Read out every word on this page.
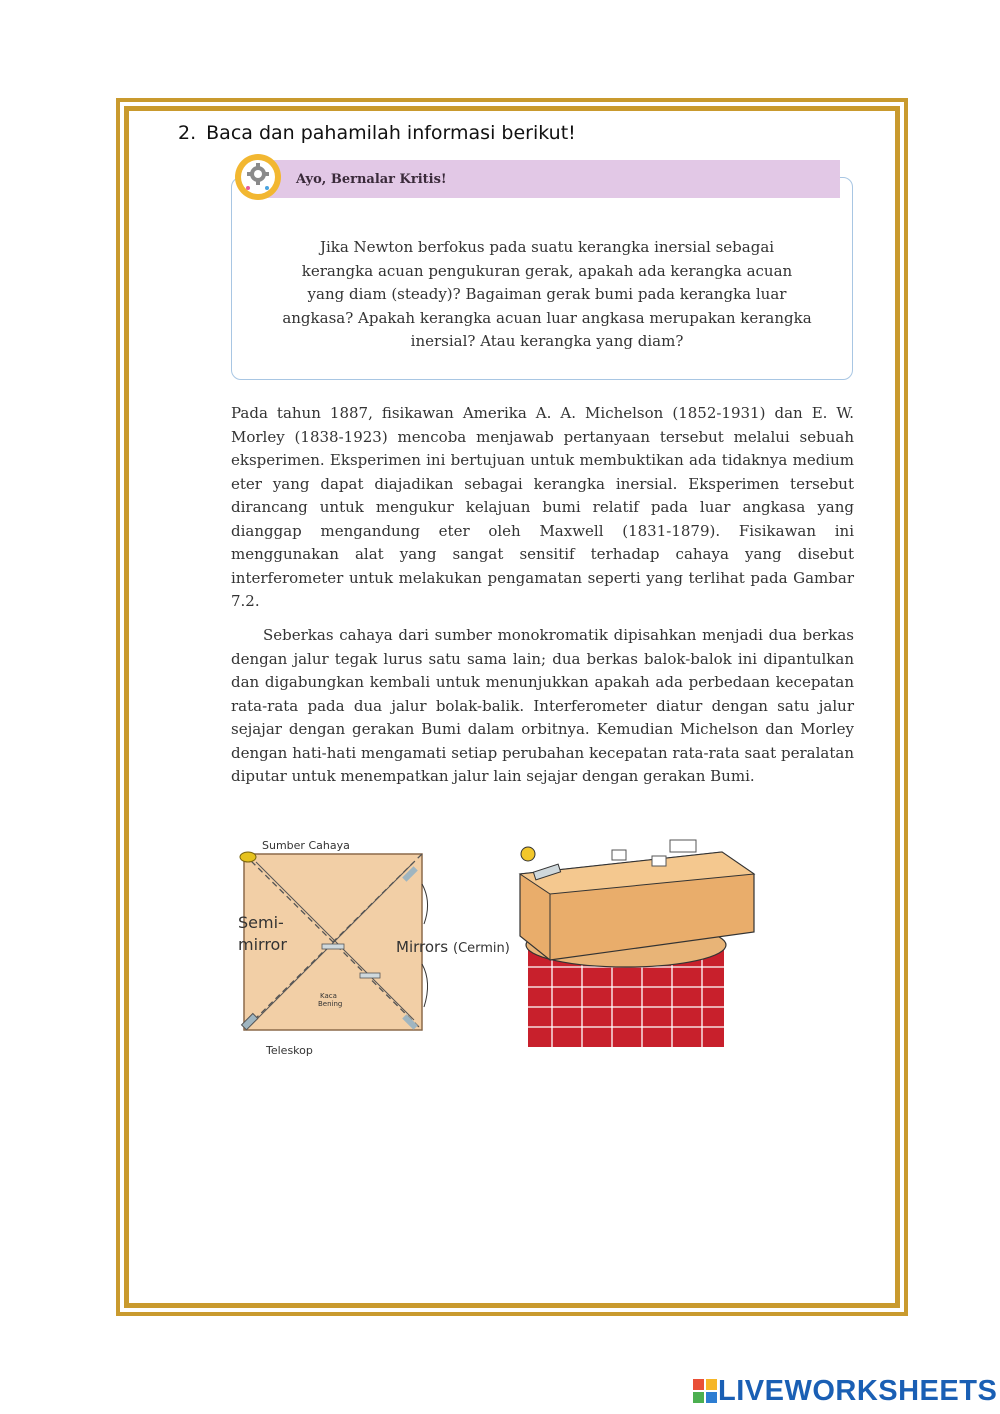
2. Baca dan pahamilah informasi berikut!
Ayo, Bernalar Kritis!
Jika Newton berfokus pada suatu kerangka inersial sebagai kerangka acuan pengukuran gerak, apakah ada kerangka acuan yang diam (steady)? Bagaiman gerak bumi pada kerangka luar angkasa? Apakah kerangka acuan luar angkasa merupakan kerangka inersial? Atau kerangka yang diam?
Pada tahun 1887, fisikawan Amerika A. A. Michelson (1852-1931) dan E. W. Morley (1838-1923) mencoba menjawab pertanyaan tersebut melalui sebuah eksperimen. Eksperimen ini bertujuan untuk membuktikan ada tidaknya medium eter yang dapat diajadikan sebagai kerangka inersial. Eksperimen tersebut dirancang untuk mengukur kelajuan bumi relatif pada luar angkasa yang dianggap mengandung eter oleh Maxwell (1831-1879). Fisikawan ini menggunakan alat yang sangat sensitif terhadap cahaya yang disebut interferometer untuk melakukan pengamatan seperti yang terlihat pada Gambar 7.2.
Seberkas cahaya dari sumber monokromatik dipisahkan menjadi dua berkas dengan jalur tegak lurus satu sama lain; dua berkas balok-balok ini dipantulkan dan digabungkan kembali untuk menunjukkan apakah ada perbedaan kecepatan rata-rata pada dua jalur bolak-balik. Interferometer diatur dengan satu jalur sejajar dengan gerakan Bumi dalam orbitnya. Kemudian Michelson dan Morley dengan hati-hati mengamati setiap perubahan kecepatan rata-rata saat peralatan diputar untuk menempatkan jalur lain sejajar dengan gerakan Bumi.
Sumber Cahaya
Semi-
mirror	Mirrors (Cermin)
Kaca
Bening
Teleskop
LIVEWORKSHEETS
